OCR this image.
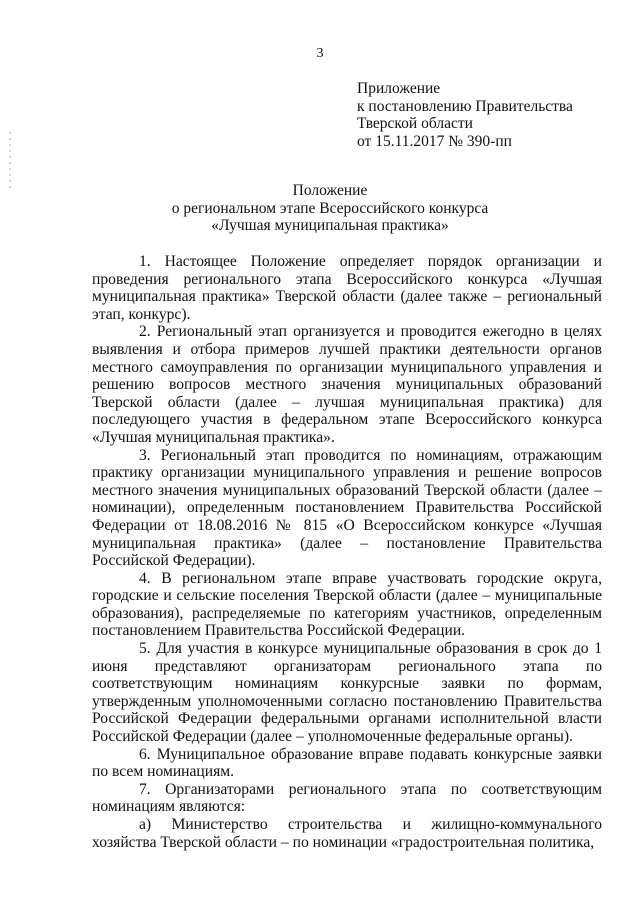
3
Приложение
к постановлению Правительства
Тверской области
от 15.11.2017 № 390-пп
Положение
о региональном этапе Всероссийского конкурса
«Лучшая муниципальная практика»

1. Настоящее Положение определяет порядок организации и проведения регионального этапа Всероссийского конкурса «Лучшая муниципальная практика» Тверской области (далее также – региональный этап, конкурс).

2. Региональный этап организуется и проводится ежегодно в целях выявления и отбора примеров лучшей практики деятельности органов местного самоуправления по организации муниципального управления и решению вопросов местного значения муниципальных образований Тверской области (далее – лучшая муниципальная практика) для последующего участия в федеральном этапе Всероссийского конкурса «Лучшая муниципальная практика».

3. Региональный этап проводится по номинациям, отражающим практику организации муниципального управления и решение вопросов местного значения муниципальных образований Тверской области (далее – номинации), определенным постановлением Правительства Российской Федерации от 18.08.2016 № 815 «О Всероссийском конкурсе «Лучшая муниципальная практика» (далее – постановление Правительства Российской Федерации).

4. В региональном этапе вправе участвовать городские округа, городские и сельские поселения Тверской области (далее – муниципальные образования), распределяемые по категориям участников, определенным постановлением Правительства Российской Федерации.

5. Для участия в конкурсе муниципальные образования в срок до 1 июня представляют организаторам регионального этапа по соответствующим номинациям конкурсные заявки по формам, утвержденным уполномоченными согласно постановлению Правительства Российской Федерации федеральными органами исполнительной власти Российской Федерации (далее – уполномоченные федеральные органы).

6. Муниципальное образование вправе подавать конкурсные заявки по всем номинациям.

7. Организаторами регионального этапа по соответствующим номинациям являются:

а) Министерство строительства и жилищно-коммунального хозяйства Тверской области – по номинации «градостроительная политика,
